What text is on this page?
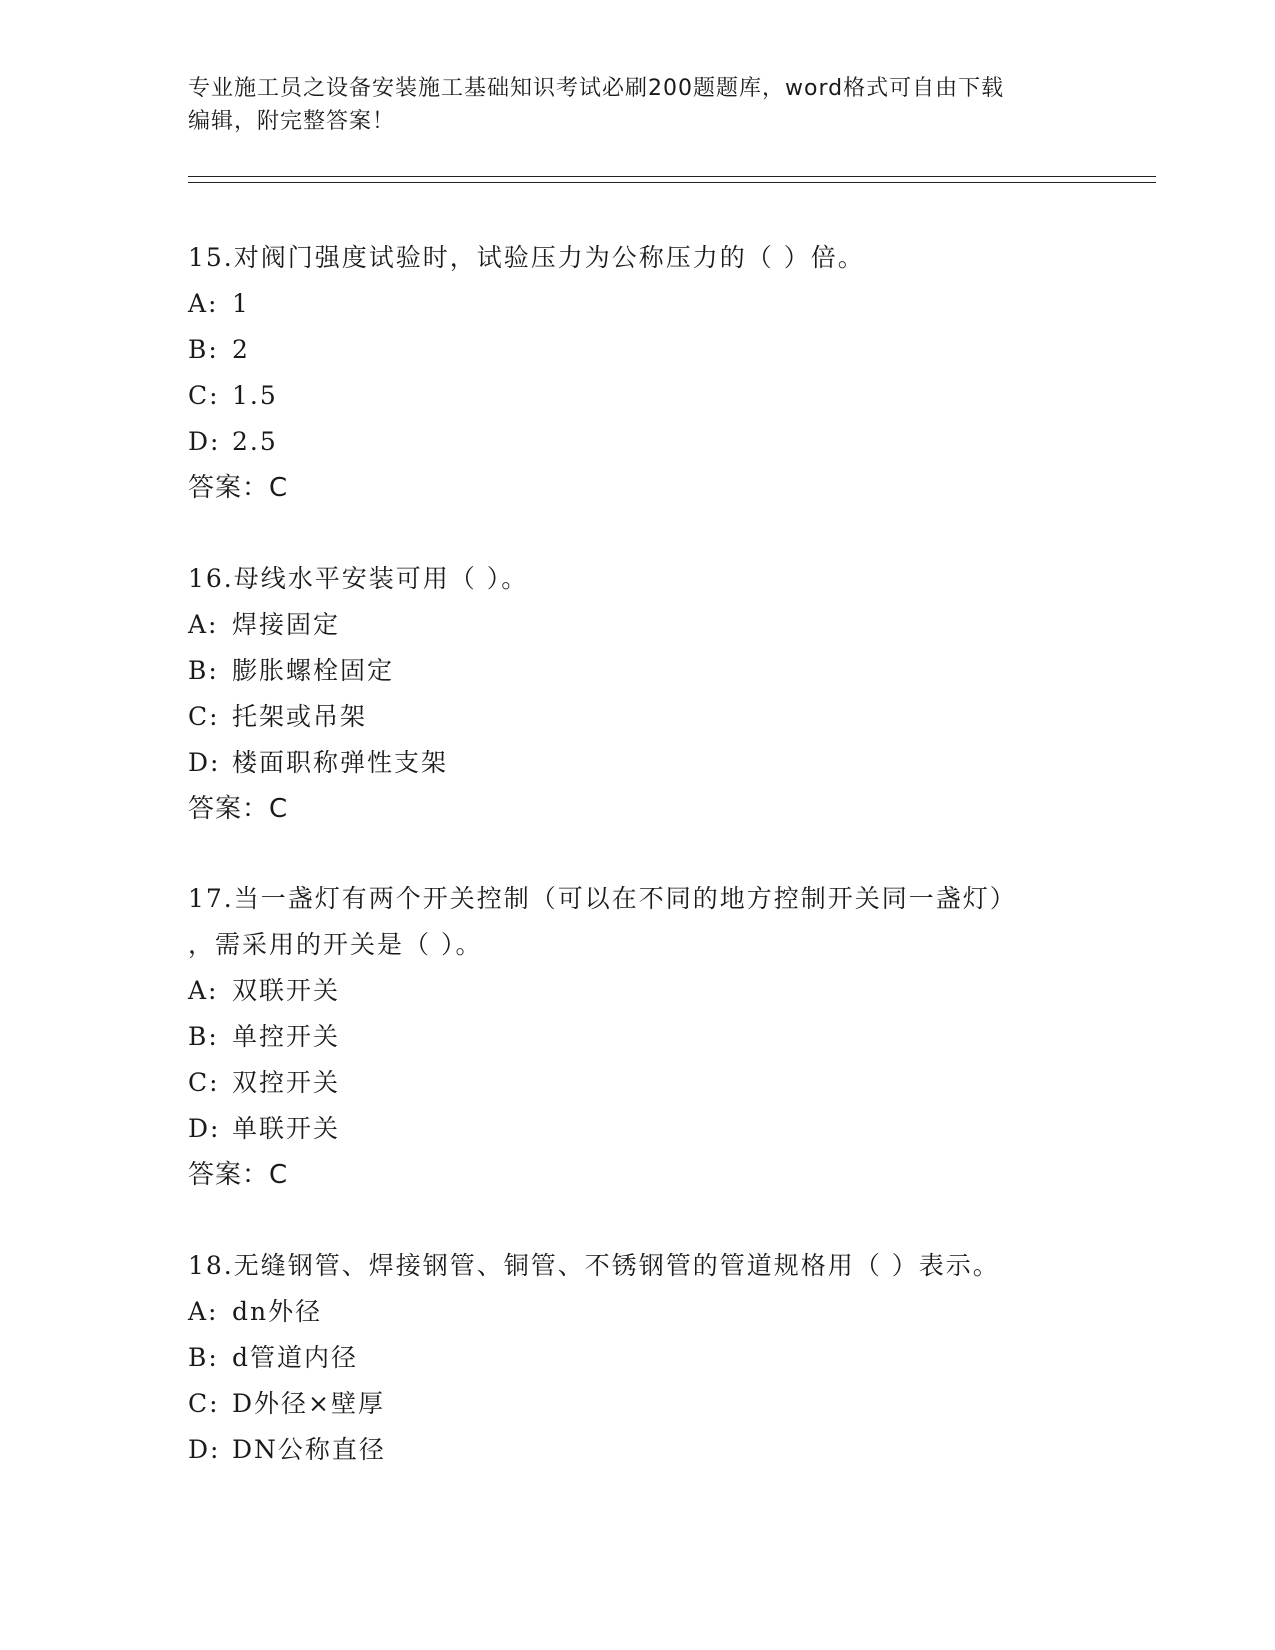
专业施工员之设备安装施工基础知识考试必刷200题题库，word格式可自由下载
编辑，附完整答案！
15.对阀门强度试验时，试验压力为公称压力的（ ）倍。
A: 1
B: 2
C: 1.5
D: 2.5
答案：C
16.母线水平安装可用（ ）。
A: 焊接固定
B: 膨胀螺栓固定
C: 托架或吊架
D: 楼面职称弹性支架
答案：C
17.当一盏灯有两个开关控制（可以在不同的地方控制开关同一盏灯）
，需采用的开关是（ ）。
A: 双联开关
B: 单控开关
C: 双控开关
D: 单联开关
答案：C
18.无缝钢管、焊接钢管、铜管、不锈钢管的管道规格用（ ）表示。
A: dn外径
B: d管道内径
C: D外径×壁厚
D: DN公称直径
